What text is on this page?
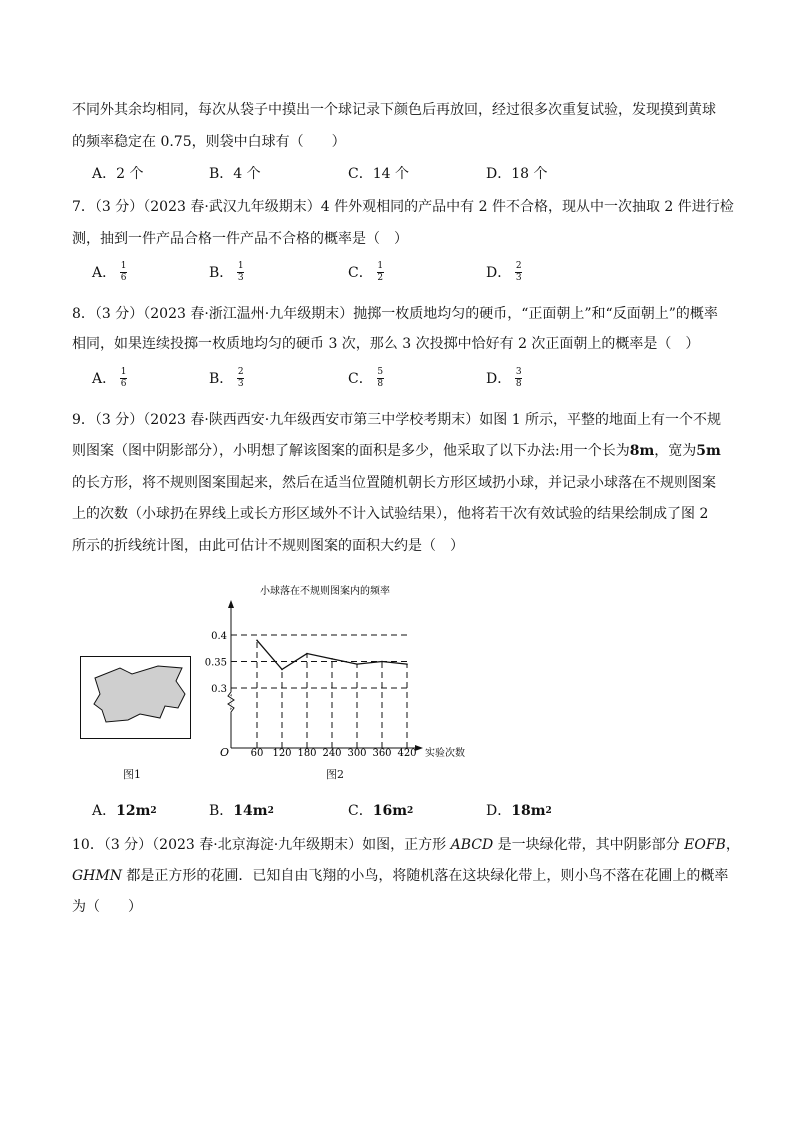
不同外其余均相同，每次从袋子中摸出一个球记录下颜色后再放回，经过很多次重复试验，发现摸到黄球
的频率稳定在 0.75，则袋中白球有（　　）
A．2 个	B．4 个	C．14 个	D．18 个
7．（3 分）（2023 春·武汉九年级期末）4 件外观相同的产品中有 2 件不合格，现从中一次抽取 2 件进行检
测，抽到一件产品合格一件产品不合格的概率是（　）
A． $\frac{1}{6}$	B． $\frac{1}{3}$	C． $\frac{1}{2}$	D． $\frac{2}{3}$
8．（3 分）（2023 春·浙江温州·九年级期末）抛掷一枚质地均匀的硬币，“正面朝上”和“反面朝上”的概率
相同，如果连续投掷一枚质地均匀的硬币 3 次，那么 3 次投掷中恰好有 2 次正面朝上的概率是（　）
A． $\frac{1}{6}$	B． $\frac{2}{3}$	C． $\frac{5}{8}$	D． $\frac{3}{8}$
9．（3 分）（2023 春·陕西西安·九年级西安市第三中学校考期末）如图 1 所示，平整的地面上有一个不规
则图案（图中阴影部分），小明想了解该图案的面积是多少，他采取了以下办法:用一个长为8m，宽为5m
的长方形，将不规则图案围起来，然后在适当位置随机朝长方形区域扔小球，并记录小球落在不规则图案
上的次数（小球扔在界线上或长方形区域外不计入试验结果），他将若干次有效试验的结果绘制成了图 2
所示的折线统计图，由此可估计不规则图案的面积大约是（　）
图1
小球落在不规则图案内的频率
O	实验次数
0.3
0.35
0.4
60 120 180 240 300 360 420
图2
A． 12m 2	B． 14m 2	C． 16m 2	D． 18m 2
10．（3 分）（2023 春·北京海淀·九年级期末）如图，正方形 ABCD 是一块绿化带，其中阴影部分 EOFB，
GHMN 都是正方形的花圃．已知自由飞翔的小鸟，将随机落在这块绿化带上，则小鸟不落在花圃上的概率
为（　　）
